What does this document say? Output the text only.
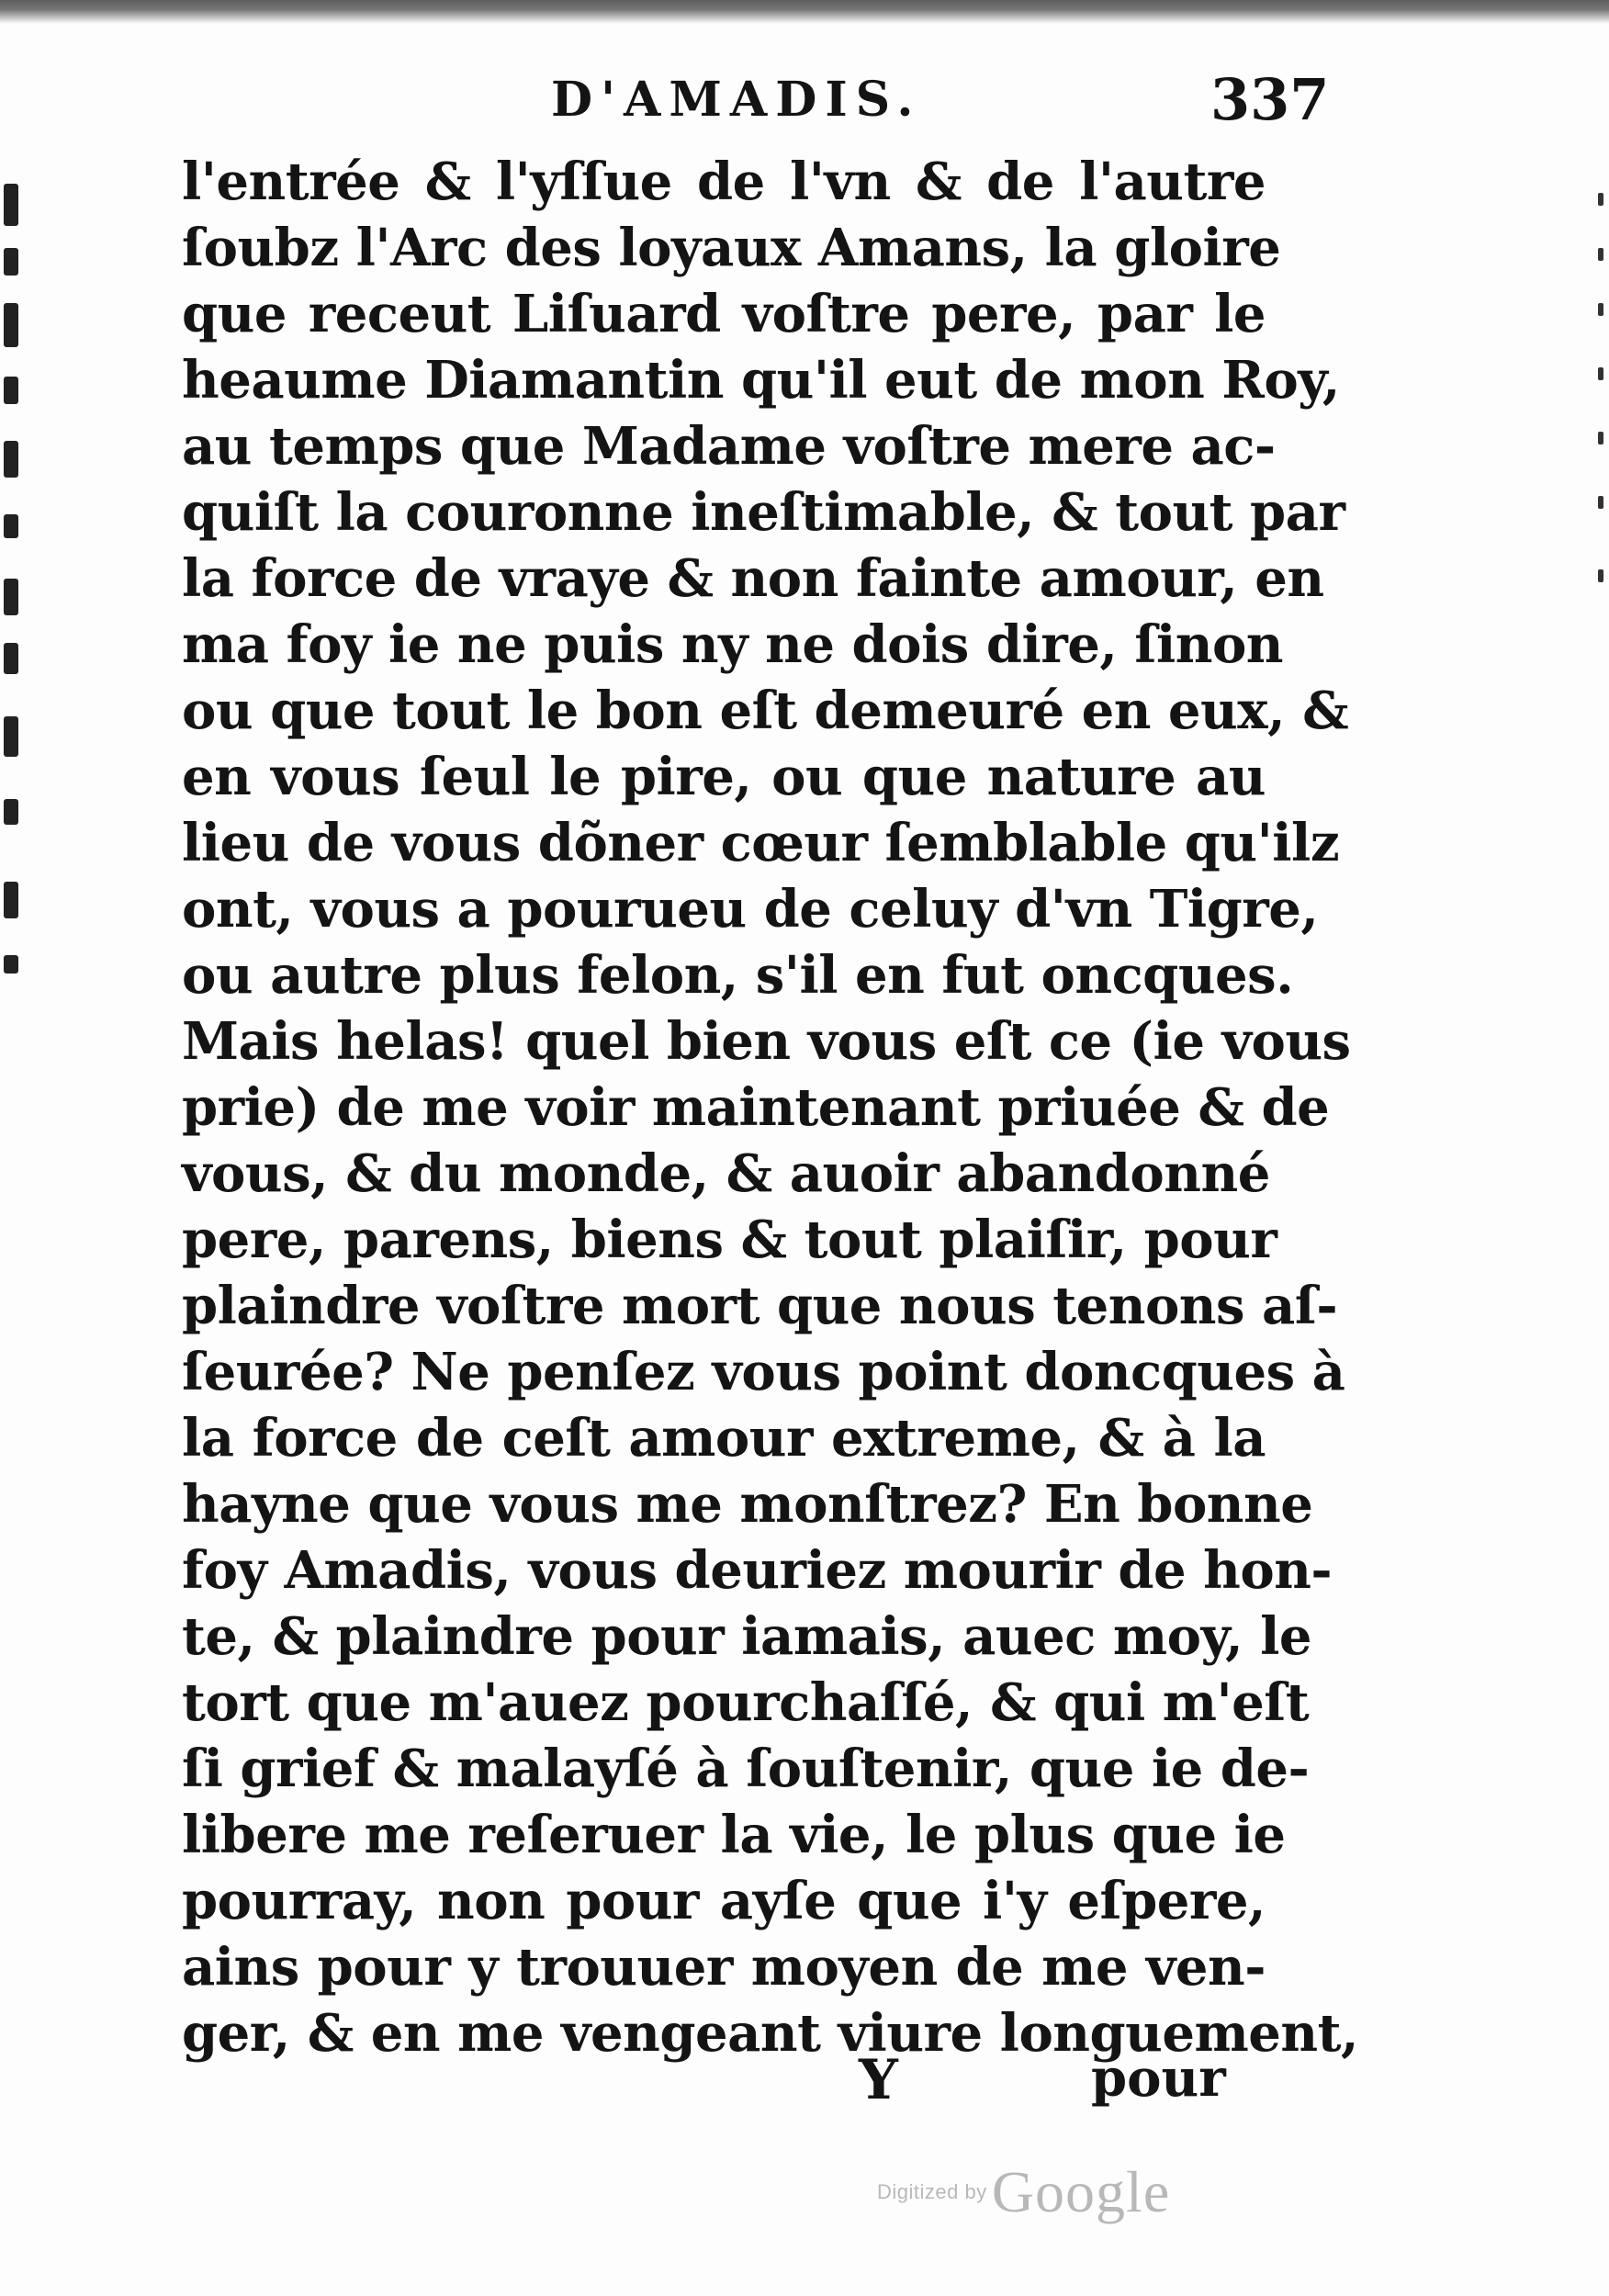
D'AMADIS.	337
l'entrée & l'yſſue de l'vn & de l'autre
ſoubz l'Arc des loyaux Amans, la gloire
que receut Liſuard voſtre pere, par le
heaume Diamantin qu'il eut de mon Roy,
au temps que Madame voſtre mere ac-
quiſt la couronne ineſtimable, & tout par
la force de vraye & non fainte amour, en
ma foy ie ne puis ny ne dois dire, ſinon
ou que tout le bon eſt demeuré en eux, &
en vous ſeul le pire, ou que nature au
lieu de vous dõner cœur ſemblable qu'ilz
ont, vous a pourueu de celuy d'vn Tigre,
ou autre plus felon, s'il en fut oncques.
Mais helas! quel bien vous eſt ce (ie vous
prie) de me voir maintenant priuée & de
vous, & du monde, & auoir abandonné
pere, parens, biens & tout plaiſir, pour
plaindre voſtre mort que nous tenons aſ-
ſeurée? Ne penſez vous point doncques à
la force de ceſt amour extreme, & à la
hayne que vous me monſtrez? En bonne
foy Amadis, vous deuriez mourir de hon-
te, & plaindre pour iamais, auec moy, le
tort que m'auez pourchaſſé, & qui m'eſt
ſi grief & malayſé à ſouſtenir, que ie de-
libere me reſeruer la vie, le plus que ie
pourray, non pour ayſe que i'y eſpere,
ains pour y trouuer moyen de me ven-
ger, & en me vengeant viure longuement,
Y	pour
Digitized by Google
